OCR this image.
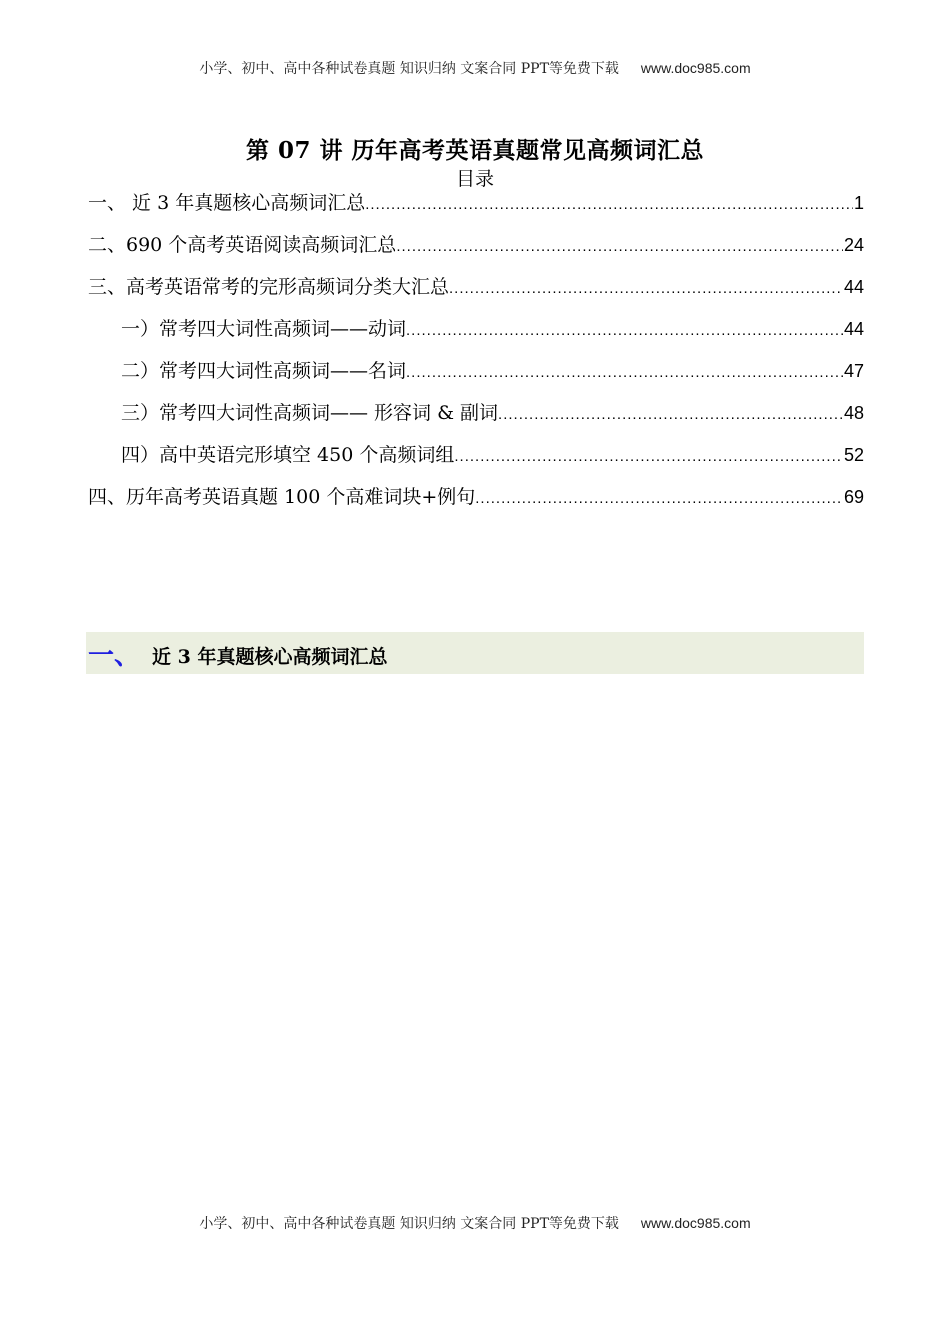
小学、初中、高中各种试卷真题 知识归纳 文案合同 PPT等免费下载 www.doc985.com
第 07 讲 历年高考英语真题常见高频词汇总
目录
一、 近 3 年真题核心高频词汇总 .....	1
二、690 个高考英语阅读高频词汇总 .....	24
三、高考英语常考的完形高频词分类大汇总 .....	44
一）常考四大词性高频词——动词 .....	44
二）常考四大词性高频词——名词 .....	47
三）常考四大词性高频词—— 形容词 & 副词 .....	48
四）高中英语完形填空 450 个高频词组 .....	52
四、历年高考英语真题 100 个高难词块+例句 .....	69
一、 近 3 年真题核心高频词汇总
小学、初中、高中各种试卷真题 知识归纳 文案合同 PPT等免费下载 www.doc985.com
